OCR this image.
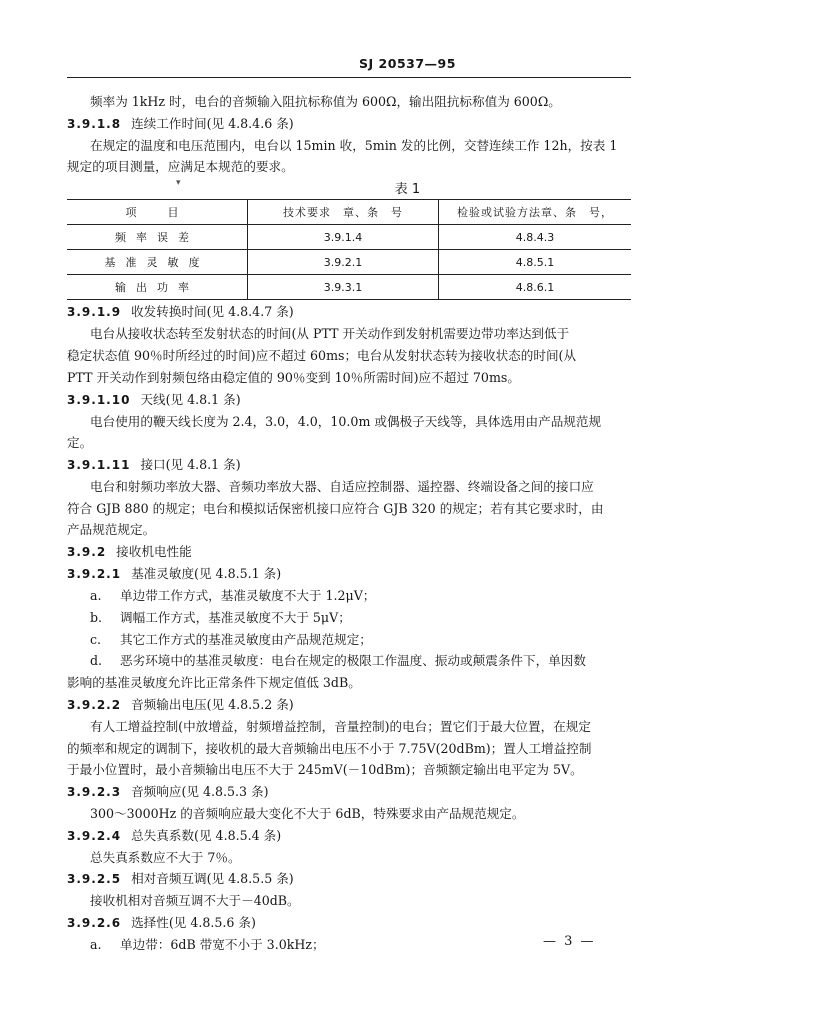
SJ 20537—95
频率为 1kHz 时，电台的音频输入阻抗标称值为 600Ω，输出阻抗标称值为 600Ω。
3.9.1.8 连续工作时间(见 4.8.4.6 条)
在规定的温度和电压范围内，电台以 15min 收，5min 发的比例，交替连续工作 12h，按表 1
规定的项目测量，应满足本规范的要求。
▾	表 1
项　目	技术要求　章、条　号	检验或试验方法章、条　号，
频率误差	3.9.1.4	4.8.4.3
基准灵敏度	3.9.2.1	4.8.5.1
输出功率	3.9.3.1	4.8.6.1
3.9.1.9 收发转换时间(见 4.8.4.7 条)
电台从接收状态转至发射状态的时间(从 PTT 开关动作到发射机需要边带功率达到低于
稳定状态值 90％时所经过的时间)应不超过 60ms；电台从发射状态转为接收状态的时间(从
PTT 开关动作到射频包络由稳定值的 90％变到 10％所需时间)应不超过 70ms。
3.9.1.10 天线(见 4.8.1 条)
电台使用的鞭天线长度为 2.4，3.0，4.0，10.0m 或偶极子天线等，具体选用由产品规范规
定。
3.9.1.11 接口(见 4.8.1 条)
电台和射频功率放大器、音频功率放大器、自适应控制器、遥控器、终端设备之间的接口应
符合 GJB 880 的规定；电台和模拟话保密机接口应符合 GJB 320 的规定；若有其它要求时，由
产品规范规定。
3.9.2 接收机电性能
3.9.2.1 基准灵敏度(见 4.8.5.1 条)
a. 单边带工作方式，基准灵敏度不大于 1.2μV；
b. 调幅工作方式，基准灵敏度不大于 5μV；
c. 其它工作方式的基准灵敏度由产品规范规定；
d. 恶劣环境中的基准灵敏度：电台在规定的极限工作温度、振动或颠震条件下，单因数
影响的基准灵敏度允许比正常条件下规定值低 3dB。
3.9.2.2 音频输出电压(见 4.8.5.2 条)
有人工增益控制(中放增益，射频增益控制，音量控制)的电台；置它们于最大位置，在规定
的频率和规定的调制下，接收机的最大音频输出电压不小于 7.75V(20dBm)；置人工增益控制
于最小位置时，最小音频输出电压不大于 245mV(－10dBm)；音频额定输出电平定为 5V。
3.9.2.3 音频响应(见 4.8.5.3 条)
300～3000Hz 的音频响应最大变化不大于 6dB，特殊要求由产品规范规定。
3.9.2.4 总失真系数(见 4.8.5.4 条)
总失真系数应不大于 7％。
3.9.2.5 相对音频互调(见 4.8.5.5 条)
接收机相对音频互调不大于－40dB。
3.9.2.6 选择性(见 4.8.5.6 条)
a. 单边带：6dB 带宽不小于 3.0kHz；	— 3 —
